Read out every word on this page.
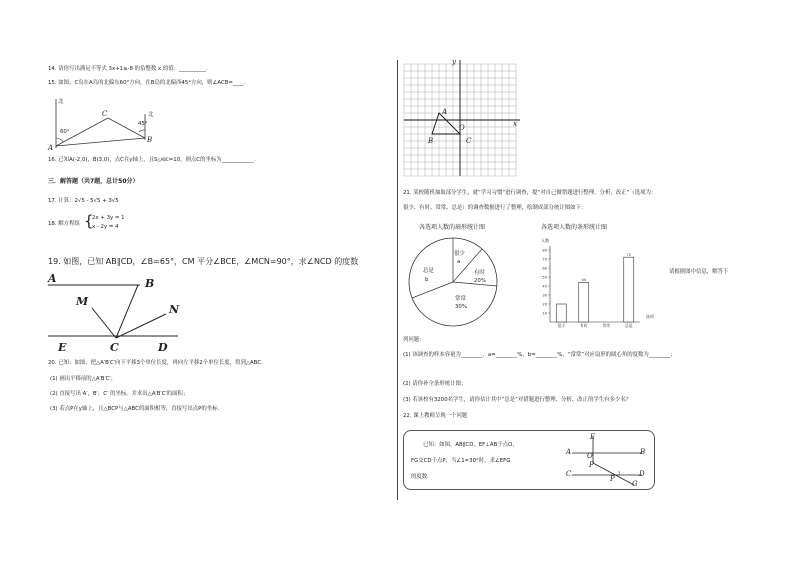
14. 请你写出满足不等式 3x+1≥-8 的负整数 x 的值：__________.
15. 如图，C岛在A岛的北偏东60°方向，在B岛的北偏西45°方向，则∠ACB=____.
北
北
A
B
C
60°
45°
16. 已知A(-2,0)，B(3,0)，点C在y轴上，且S△ABC=10，则点C的坐标为____________.
三．解答题（共7题，总计50分）
17. 计算：2√5 - 5√5 + 3√5
18. 解方程组 {
2x + 3y = 1
x - 2y = 4
19. 如图，已知 AB∥CD，∠B=65°，CM 平分∠BCE，∠MCN=90°，求∠NCD 的度数
A	B
M
N
E	C	D
20. 已知：如图，把△A′B′C′向下平移3个单位长度，再向左平移2个单位长度，得到△ABC.
(1) 画出平移前的△A′B′C′；
(2) 直接写出 A′，B′，C′ 的坐标，并求出△A′B′C′的面积；
(3) 若点P在y轴上，且△BCP与△ABC的面积相等，直接写出点P的坐标.
y
x
A
B	C
O
21. 某校随机抽取部分学生，就“学习习惯”进行调查，提“对自己做错题进行整理、分析、改正”（选项为：
很少、有时、常常、总是）的调查数据进行了整理，绘制成部分统计图如下：
各选项人数的扇形统计图
很少
a
有时
20%
常常
30%
总是
b
各选项人数的条形统计图
人数
选项
10
20
30
40
50
60
70
80
很少
44
有时	常常
72
总是
请根据图中信息，解答下
列问题：
(1) 该调查的样本容量为________，a=________%，b=________%，“常常”对应扇形的圆心角的度数为________；
(2) 请你补全条形统计图；
(3) 若该校有3200名学生，请你估计其中“总是”对错题进行整理、分析、改正的学生有多少名？
22. 课上教师呈现一个问题
已知：如图，AB∥CD，EF⊥AB于点O，
FG交CD于点P，当∠1=30°时，求∠EFG
的度数.
E
A	B
O
F
C	D
P
G
1
